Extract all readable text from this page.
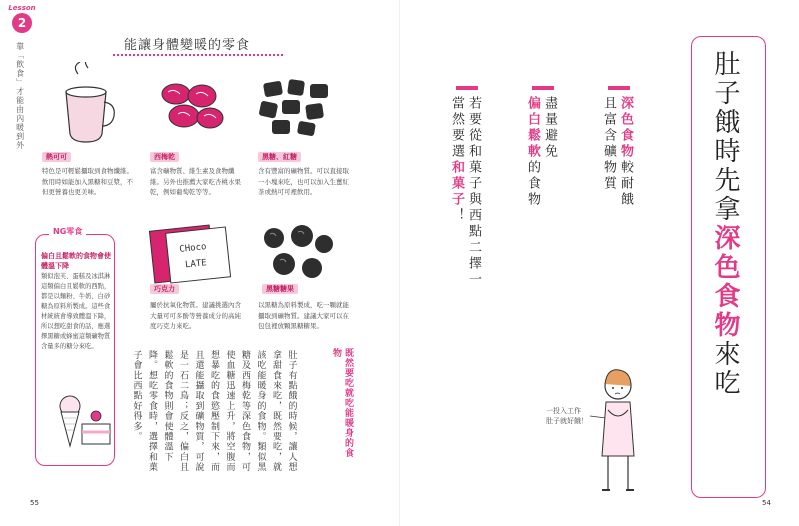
Lesson
2
靠「飲食」才能由內暖到外	能讓身體變暖的零食
熱可可
特色是可輕鬆攝取到食物纖維。飲用時如能加入黑糖和豆漿，不但更營養也更美味。
西梅乾
富含礦物質、維生素及食物纖維。另外也推薦大家吃杏桃水果乾，例如葡萄乾等等。
黑糖、紅糖
含有豐富的礦物質。可以直接取一小塊來吃，也可以加入生薑紅茶或熱可可裡飲用。
NG零食
偏白且鬆軟的食物會使體溫下降
類似泡芙、蛋糕及冰淇淋這類偏白且鬆軟的西點，都是以麵粉、牛奶、白砂糖為原料所製成。這些食材統統會導致體溫下降，所以想吃甜食的話，應選擇黑糖或蜂蜜這類礦物質含量多的糖分來吃。
CHoco
LATE
巧克力
屬於抗氧化物質。建議挑選內含大量可可多酚等營養成分的高純度巧克力來吃。
黑糖糖果
以黑糖為原料製成，吃一顆就能攝取到礦物質。建議大家可以在包包裡放顆黑糖糖果。
既然要吃就吃能暖身的食物
肚子有點餓的時候，讓人想拿甜食來吃，既然要吃，就該吃能暖身的食物。類似黑糖及西梅乾等深色食物，可使血糖迅速上升，將空腹而想暴吃的食慾壓制下來，而且還能攝取到礦物質，可說是一石二鳥；反之，偏白且鬆軟的食物則會使體溫下降。想吃零食時，選擇和菓子會比西點好得多。
55
肚子餓時先拿深色食物來吃
深色食物較耐餓
且富含礦物質
盡量避免
偏白鬆軟的食物
若要從和菓子與西點二擇一
當然要選和菓子！
一投入工作
肚子就好餓！
54
